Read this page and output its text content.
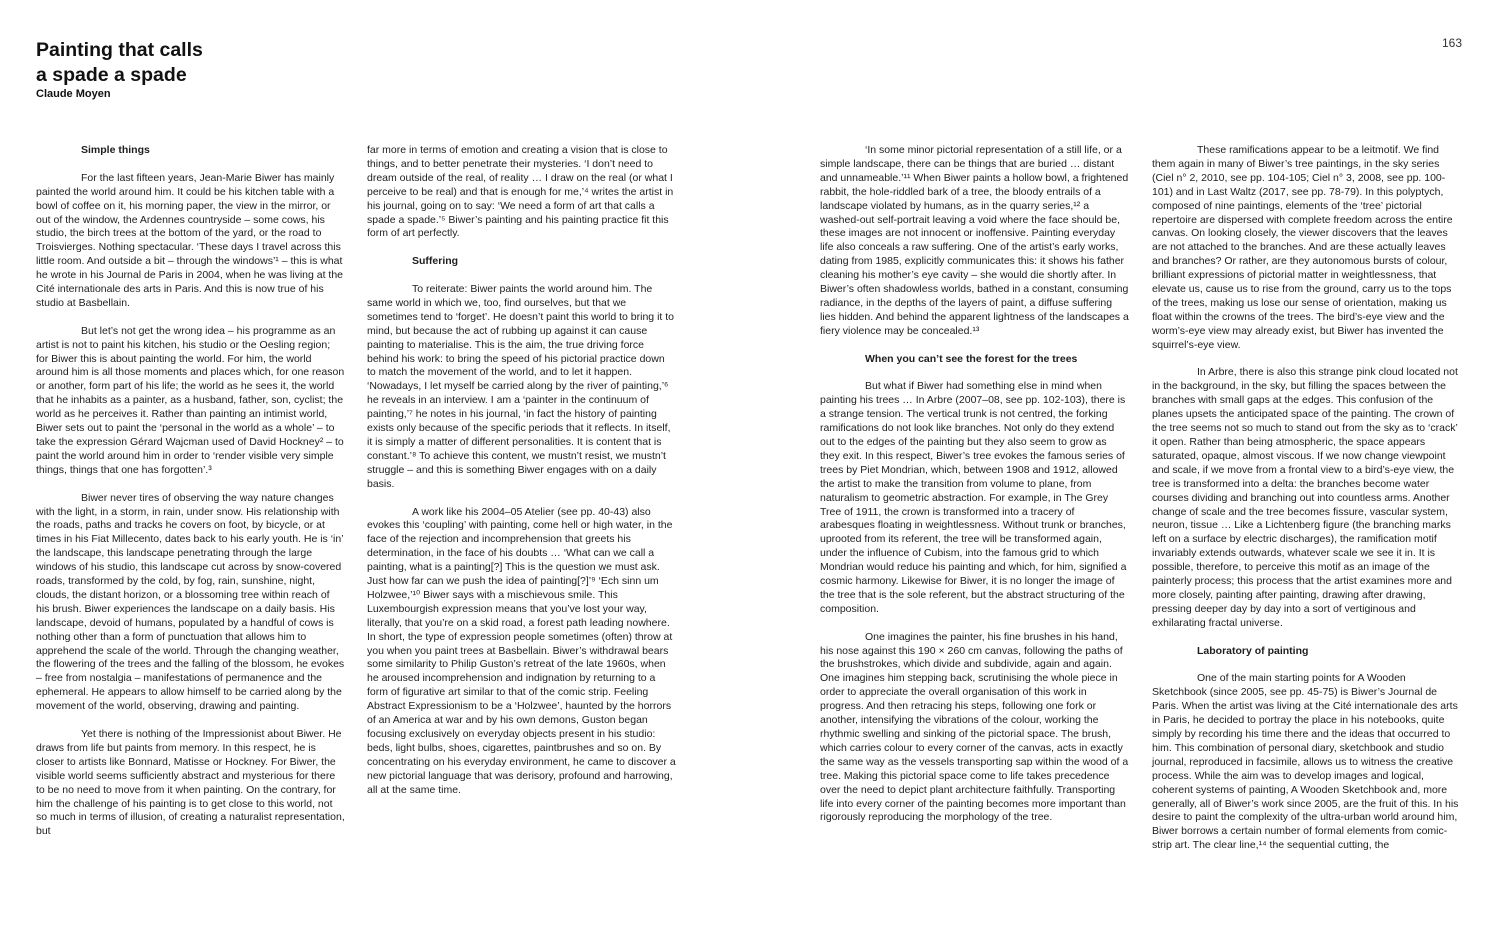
Painting that calls
a spade a spade
Claude Moyen

Simple things

For the last fifteen years, Jean-Marie Biwer has mainly painted the world around him. It could be his kitchen table with a bowl of coffee on it, his morning paper, the view in the mirror, or out of the window, the Ardennes countryside – some cows, his studio, the birch trees at the bottom of the yard, or the road to Troisvierges. Nothing spectacular. ‘These days I travel across this little room. And outside a bit – through the windows’¹ – this is what he wrote in his Journal de Paris in 2004, when he was living at the Cité internationale des arts in Paris. And this is now true of his studio at Basbellain.

But let’s not get the wrong idea – his programme as an artist is not to paint his kitchen, his studio or the Oesling region; for Biwer this is about painting the world. For him, the world around him is all those moments and places which, for one reason or another, form part of his life; the world as he sees it, the world that he inhabits as a painter, as a husband, father, son, cyclist; the world as he perceives it. Rather than painting an intimist world, Biwer sets out to paint the ‘personal in the world as a whole’ – to take the expression Gérard Wajcman used of David Hockney² – to paint the world around him in order to ‘render visible very simple things, things that one has forgotten’.³

Biwer never tires of observing the way nature changes with the light, in a storm, in rain, under snow. His relationship with the roads, paths and tracks he covers on foot, by bicycle, or at times in his Fiat Millecento, dates back to his early youth. He is ‘in’ the landscape, this landscape penetrating through the large windows of his studio, this landscape cut across by snow-covered roads, transformed by the cold, by fog, rain, sunshine, night, clouds, the distant horizon, or a blossoming tree within reach of his brush. Biwer experiences the landscape on a daily basis. His landscape, devoid of humans, populated by a handful of cows is nothing other than a form of punctuation that allows him to apprehend the scale of the world. Through the changing weather, the flowering of the trees and the falling of the blossom, he evokes – free from nostalgia – manifestations of permanence and the ephemeral. He appears to allow himself to be carried along by the movement of the world, observing, drawing and painting.

Yet there is nothing of the Impressionist about Biwer. He draws from life but paints from memory. In this respect, he is closer to artists like Bonnard, Matisse or Hockney. For Biwer, the visible world seems sufficiently abstract and mysterious for there to be no need to move from it when painting. On the contrary, for him the challenge of his painting is to get close to this world, not so much in terms of illusion, of creating a naturalist representation, but

far more in terms of emotion and creating a vision that is close to things, and to better penetrate their mysteries. ‘I don’t need to dream outside of the real, of reality … I draw on the real (or what I perceive to be real) and that is enough for me,’⁴ writes the artist in his journal, going on to say: ‘We need a form of art that calls a spade a spade.’⁵ Biwer’s painting and his painting practice fit this form of art perfectly.

Suffering

To reiterate: Biwer paints the world around him. The same world in which we, too, find ourselves, but that we sometimes tend to ‘forget’. He doesn’t paint this world to bring it to mind, but because the act of rubbing up against it can cause painting to materialise. This is the aim, the true driving force behind his work: to bring the speed of his pictorial practice down to match the movement of the world, and to let it happen. ‘Nowadays, I let myself be carried along by the river of painting,’⁶ he reveals in an interview. I am a ‘painter in the continuum of painting,’⁷ he notes in his journal, ‘in fact the history of painting exists only because of the specific periods that it reflects. In itself, it is simply a matter of different personalities. It is content that is constant.’⁸ To achieve this content, we mustn’t resist, we mustn’t struggle – and this is something Biwer engages with on a daily basis.

A work like his 2004–05 Atelier (see pp. 40-43) also evokes this ‘coupling’ with painting, come hell or high water, in the face of the rejection and incomprehension that greets his determination, in the face of his doubts … ‘What can we call a painting, what is a painting[?] This is the question we must ask. Just how far can we push the idea of painting[?]’⁹ ‘Ech sinn um Holzwee,’¹⁰ Biwer says with a mischievous smile. This Luxembourgish expression means that you’ve lost your way, literally, that you’re on a skid road, a forest path leading nowhere. In short, the type of expression people sometimes (often) throw at you when you paint trees at Basbellain. Biwer’s withdrawal bears some similarity to Philip Guston’s retreat of the late 1960s, when he aroused incomprehension and indignation by returning to a form of figurative art similar to that of the comic strip. Feeling Abstract Expressionism to be a ‘Holzwee’, haunted by the horrors of an America at war and by his own demons, Guston began focusing exclusively on everyday objects present in his studio: beds, light bulbs, shoes, cigarettes, paintbrushes and so on. By concentrating on his everyday environment, he came to discover a new pictorial language that was derisory, profound and harrowing, all at the same time.

163

‘In some minor pictorial representation of a still life, or a simple landscape, there can be things that are buried … distant and unnameable.’¹¹ When Biwer paints a hollow bowl, a frightened rabbit, the hole-riddled bark of a tree, the bloody entrails of a landscape violated by humans, as in the quarry series,¹² a washed-out self-portrait leaving a void where the face should be, these images are not innocent or inoffensive. Painting everyday life also conceals a raw suffering. One of the artist’s early works, dating from 1985, explicitly communicates this: it shows his father cleaning his mother’s eye cavity – she would die shortly after. In Biwer’s often shadowless worlds, bathed in a constant, consuming radiance, in the depths of the layers of paint, a diffuse suffering lies hidden. And behind the apparent lightness of the landscapes a fiery violence may be concealed.¹³

When you can’t see the forest for the trees

But what if Biwer had something else in mind when painting his trees … In Arbre (2007–08, see pp. 102-103), there is a strange tension. The vertical trunk is not centred, the forking ramifications do not look like branches. Not only do they extend out to the edges of the painting but they also seem to grow as they exit. In this respect, Biwer’s tree evokes the famous series of trees by Piet Mondrian, which, between 1908 and 1912, allowed the artist to make the transition from volume to plane, from naturalism to geometric abstraction. For example, in The Grey Tree of 1911, the crown is transformed into a tracery of arabesques floating in weightlessness. Without trunk or branches, uprooted from its referent, the tree will be transformed again, under the influence of Cubism, into the famous grid to which Mondrian would reduce his painting and which, for him, signified a cosmic harmony. Likewise for Biwer, it is no longer the image of the tree that is the sole referent, but the abstract structuring of the composition.

One imagines the painter, his fine brushes in his hand, his nose against this 190 × 260 cm canvas, following the paths of the brushstrokes, which divide and subdivide, again and again. One imagines him stepping back, scrutinising the whole piece in order to appreciate the overall organisation of this work in progress. And then retracing his steps, following one fork or another, intensifying the vibrations of the colour, working the rhythmic swelling and sinking of the pictorial space. The brush, which carries colour to every corner of the canvas, acts in exactly the same way as the vessels transporting sap within the wood of a tree. Making this pictorial space come to life takes precedence over the need to depict plant architecture faithfully. Transporting life into every corner of the painting becomes more important than rigorously reproducing the morphology of the tree.

These ramifications appear to be a leitmotif. We find them again in many of Biwer’s tree paintings, in the sky series (Ciel n° 2, 2010, see pp. 104-105; Ciel n° 3, 2008, see pp. 100-101) and in Last Waltz (2017, see pp. 78-79). In this polyptych, composed of nine paintings, elements of the ‘tree’ pictorial repertoire are dispersed with complete freedom across the entire canvas. On looking closely, the viewer discovers that the leaves are not attached to the branches. And are these actually leaves and branches? Or rather, are they autonomous bursts of colour, brilliant expressions of pictorial matter in weightlessness, that elevate us, cause us to rise from the ground, carry us to the tops of the trees, making us lose our sense of orientation, making us float within the crowns of the trees. The bird’s-eye view and the worm’s-eye view may already exist, but Biwer has invented the squirrel’s-eye view.

In Arbre, there is also this strange pink cloud located not in the background, in the sky, but filling the spaces between the branches with small gaps at the edges. This confusion of the planes upsets the anticipated space of the painting. The crown of the tree seems not so much to stand out from the sky as to ‘crack’ it open. Rather than being atmospheric, the space appears saturated, opaque, almost viscous. If we now change viewpoint and scale, if we move from a frontal view to a bird’s-eye view, the tree is transformed into a delta: the branches become water courses dividing and branching out into countless arms. Another change of scale and the tree becomes fissure, vascular system, neuron, tissue … Like a Lichtenberg figure (the branching marks left on a surface by electric discharges), the ramification motif invariably extends outwards, whatever scale we see it in. It is possible, therefore, to perceive this motif as an image of the painterly process; this process that the artist examines more and more closely, painting after painting, drawing after drawing, pressing deeper day by day into a sort of vertiginous and exhilarating fractal universe.

Laboratory of painting

One of the main starting points for A Wooden Sketchbook (since 2005, see pp. 45-75) is Biwer’s Journal de Paris. When the artist was living at the Cité internationale des arts in Paris, he decided to portray the place in his notebooks, quite simply by recording his time there and the ideas that occurred to him. This combination of personal diary, sketchbook and studio journal, reproduced in facsimile, allows us to witness the creative process. While the aim was to develop images and logical, coherent systems of painting, A Wooden Sketchbook and, more generally, all of Biwer’s work since 2005, are the fruit of this. In his desire to paint the complexity of the ultra-urban world around him, Biwer borrows a certain number of formal elements from comic-strip art. The clear line,¹⁴ the sequential cutting, the
